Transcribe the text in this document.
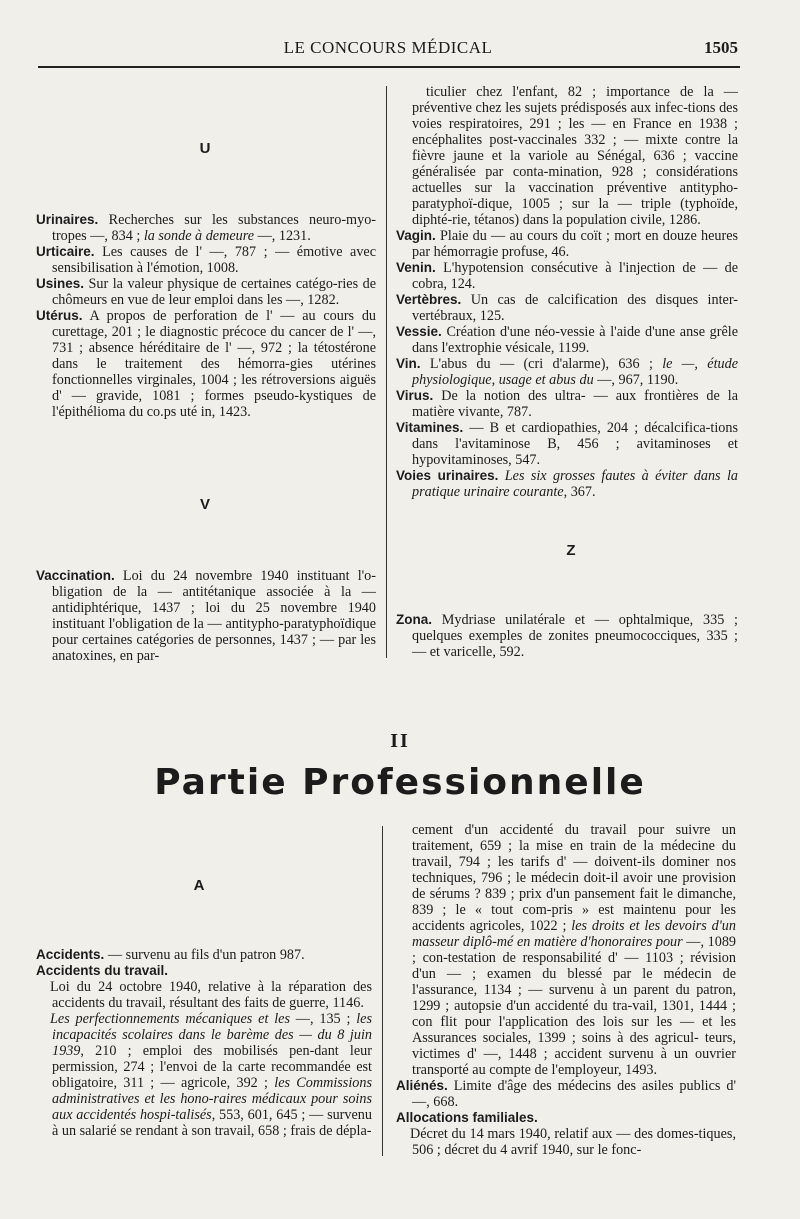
LE CONCOURS MÉDICAL	1505
U
V
Z
A
Urinaires. Recherches sur les substances neuro-myo-tropes —, 834 ; la sonde à demeure —, 1231.
Urticaire. Les causes de l' —, 787 ; — émotive avec sensibilisation à l'émotion, 1008.
Usines. Sur la valeur physique de certaines catégo-ries de chômeurs en vue de leur emploi dans les —, 1282.
Utérus. A propos de perforation de l' — au cours du curettage, 201 ; le diagnostic précoce du cancer de l' —, 731 ; absence héréditaire de l' —, 972 ; la tétostérone dans le traitement des hémorra-gies utérines fonctionnelles virginales, 1004 ; les rétroversions aiguës d' — gravide, 1081 ; formes pseudo-kystiques de l'épithélioma du co.ps uté in, 1423.
Vaccination. Loi du 24 novembre 1940 instituant l'o-bligation de la — antitétanique associée à la — antidiphtérique, 1437 ; loi du 25 novembre 1940 instituant l'obligation de la — antitypho-paratyphoïdique pour certaines catégories de personnes, 1437 ; — par les anatoxines, en par-
ticulier chez l'enfant, 82 ; importance de la — préventive chez les sujets prédisposés aux infec-tions des voies respiratoires, 291 ; les — en France en 1938 ; encéphalites post-vaccinales 332 ; — mixte contre la fièvre jaune et la variole au Sénégal, 636 ; vaccine généralisée par conta-mination, 928 ; considérations actuelles sur la vaccination préventive antitypho-paratyphoï-dique, 1005 ; sur la — triple (typhoïde, diphté-rie, tétanos) dans la population civile, 1286.
Vagin. Plaie du — au cours du coït ; mort en douze heures par hémorragie profuse, 46.
Venin. L'hypotension consécutive à l'injection de — de cobra, 124.
Vertèbres. Un cas de calcification des disques inter-vertébraux, 125.
Vessie. Création d'une néo-vessie à l'aide d'une anse grêle dans l'extrophie vésicale, 1199.
Vin. L'abus du — (cri d'alarme), 636 ; le —, étude physiologique, usage et abus du —, 967, 1190.
Virus. De la notion des ultra- — aux frontières de la matière vivante, 787.
Vitamines. — B et cardiopathies, 204 ; décalcifica-tions dans l'avitaminose B, 456 ; avitaminoses et hypovitaminoses, 547.
Voies urinaires. Les six grosses fautes à éviter dans la pratique urinaire courante, 367.
Zona. Mydriase unilatérale et — ophtalmique, 335 ; quelques exemples de zonites pneumococciques, 335 ; — et varicelle, 592.
II
Partie Professionnelle
Accidents. — survenu au fils d'un patron 987.
Accidents du travail.
Loi du 24 octobre 1940, relative à la réparation des accidents du travail, résultant des faits de guerre, 1146.
Les perfectionnements mécaniques et les —, 135 ; les incapacités scolaires dans le barème des — du 8 juin 1939, 210 ; emploi des mobilisés pen-dant leur permission, 274 ; l'envoi de la carte recommandée est obligatoire, 311 ; — agricole, 392 ; les Commissions administratives et les hono-raires médicaux pour soins aux accidentés hospi-talisés, 553, 601, 645 ; — survenu à un salarié se rendant à son travail, 658 ; frais de dépla-
cement d'un accidenté du travail pour suivre un traitement, 659 ; la mise en train de la médecine du travail, 794 ; les tarifs d' — doivent-ils dominer nos techniques, 796 ; le médecin doit-il avoir une provision de sérums ? 839 ; prix d'un pansement fait le dimanche, 839 ; le « tout com-pris » est maintenu pour les accidents agricoles, 1022 ; les droits et les devoirs d'un masseur diplô-mé en matière d'honoraires pour —, 1089 ; con-testation de responsabilité d' — 1103 ; révision d'un — ; examen du blessé par le médecin de l'assurance, 1134 ; — survenu à un parent du patron, 1299 ; autopsie d'un accidenté du tra-vail, 1301, 1444 ; con flit pour l'application des lois sur les — et les Assurances sociales, 1399 ; soins à des agricul- teurs, victimes d' —, 1448 ; accident survenu à un ouvrier transporté au compte de l'employeur, 1493.
Aliénés. Limite d'âge des médecins des asiles publics d' —, 668.
Allocations familiales.
Décret du 14 mars 1940, relatif aux — des domes-tiques, 506 ; décret du 4 avrif 1940, sur le fonc-
